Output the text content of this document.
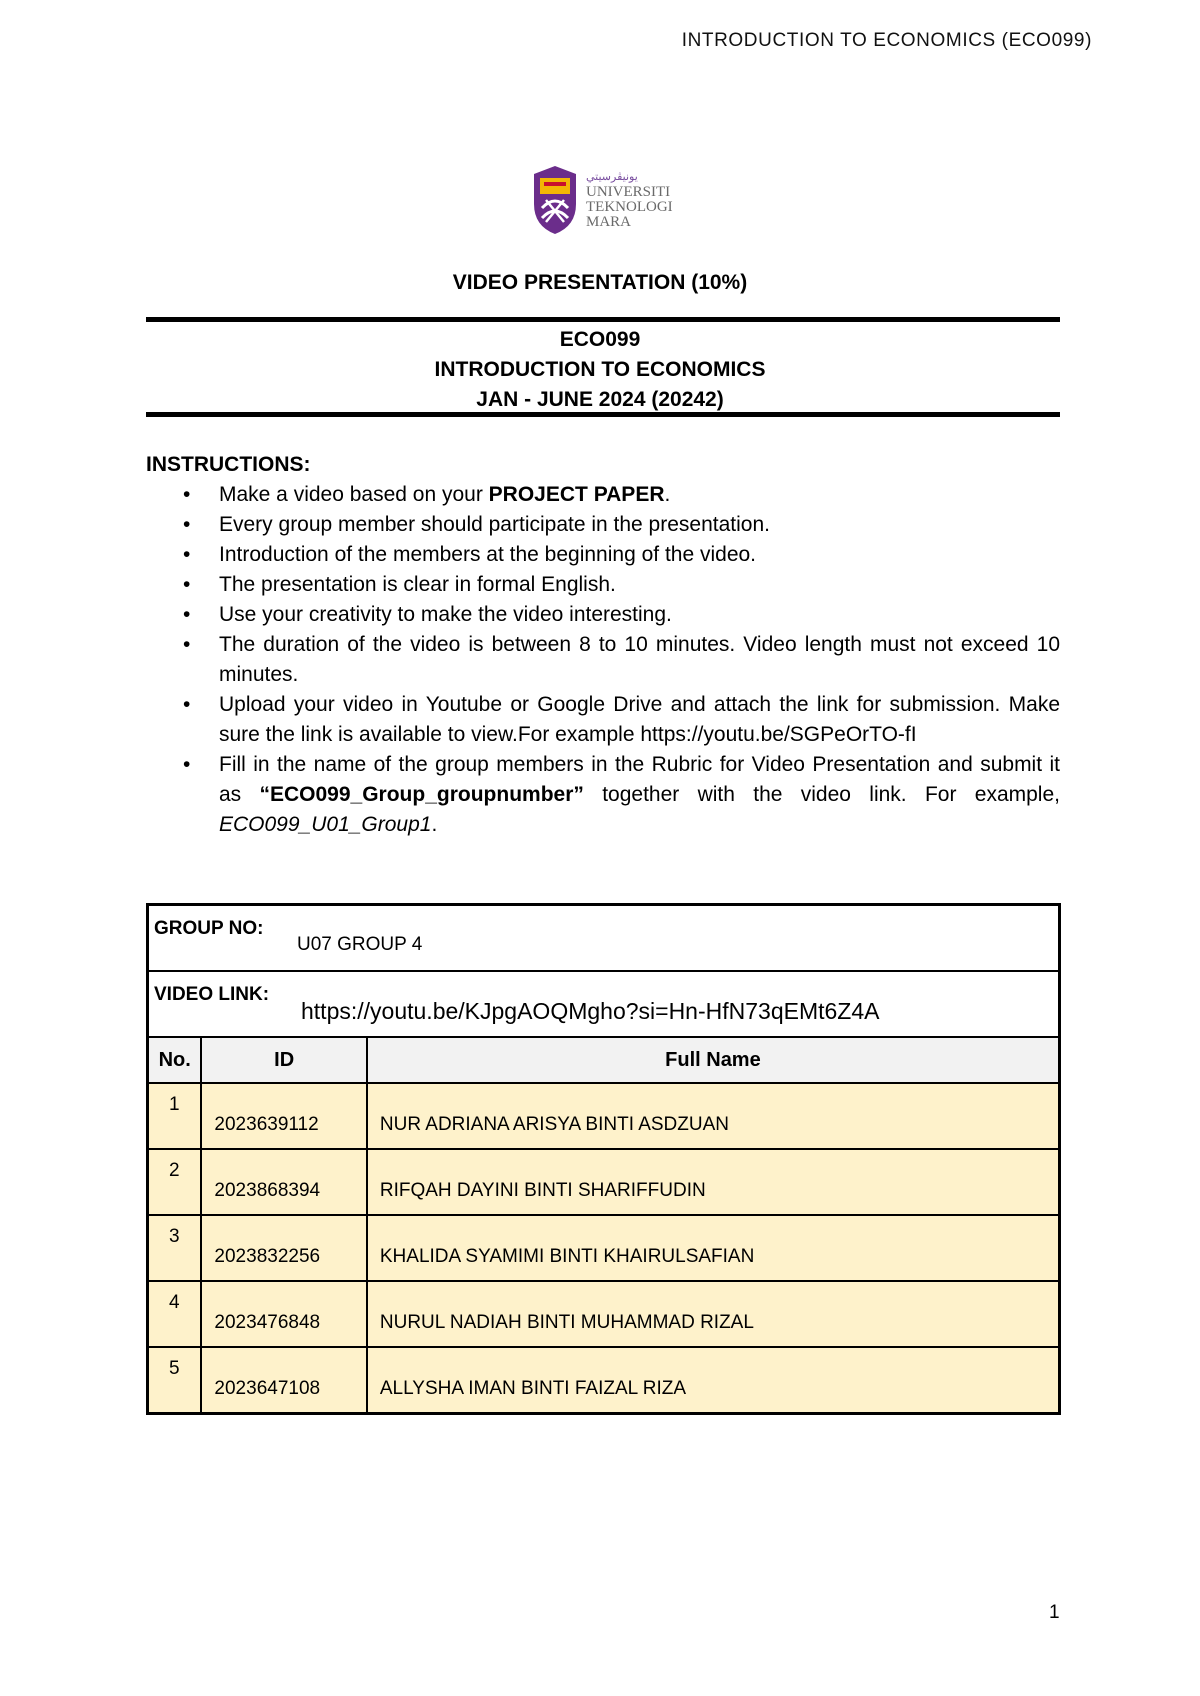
INTRODUCTION TO ECONOMICS (ECO099)
ﻳﻮﻧﻴﭭﺮﺳﻴﺘﻲ
UNIVERSITI
TEKNOLOGI
MARA
VIDEO PRESENTATION (10%)
ECO099
INTRODUCTION TO ECONOMICS
JAN - JUNE 2024 (20242)
INSTRUCTIONS:
• Make a video based on your PROJECT PAPER.
• Every group member should participate in the presentation.
• Introduction of the members at the beginning of the video.
• The presentation is clear in formal English.
• Use your creativity to make the video interesting.
• The duration of the video is between 8 to 10 minutes. Video length must not exceed 10 minutes.
• Upload your video in Youtube or Google Drive and attach the link for submission. Make sure the link is available to view.For example https://youtu.be/SGPeOrTO-fI
• Fill in the name of the group members in the Rubric for Video Presentation and submit it as “ECO099_Group_groupnumber” together with the video link. For example, ECO099_U01_Group1.
GROUP NO:
U07 GROUP 4		

VIDEO LINK:
https://youtu.be/KJpgAOQMgho?si=Hn-HfN73qEMt6Z4A		

No.	ID	Full Name

1	2023639112	NUR ADRIANA ARISYA BINTI ASDZUAN

2	2023868394	RIFQAH DAYINI BINTI SHARIFFUDIN

3	2023832256	KHALIDA SYAMIMI BINTI KHAIRULSAFIAN

4	2023476848	NURUL NADIAH BINTI MUHAMMAD RIZAL

5	2023647108	ALLYSHA IMAN BINTI FAIZAL RIZA
1
